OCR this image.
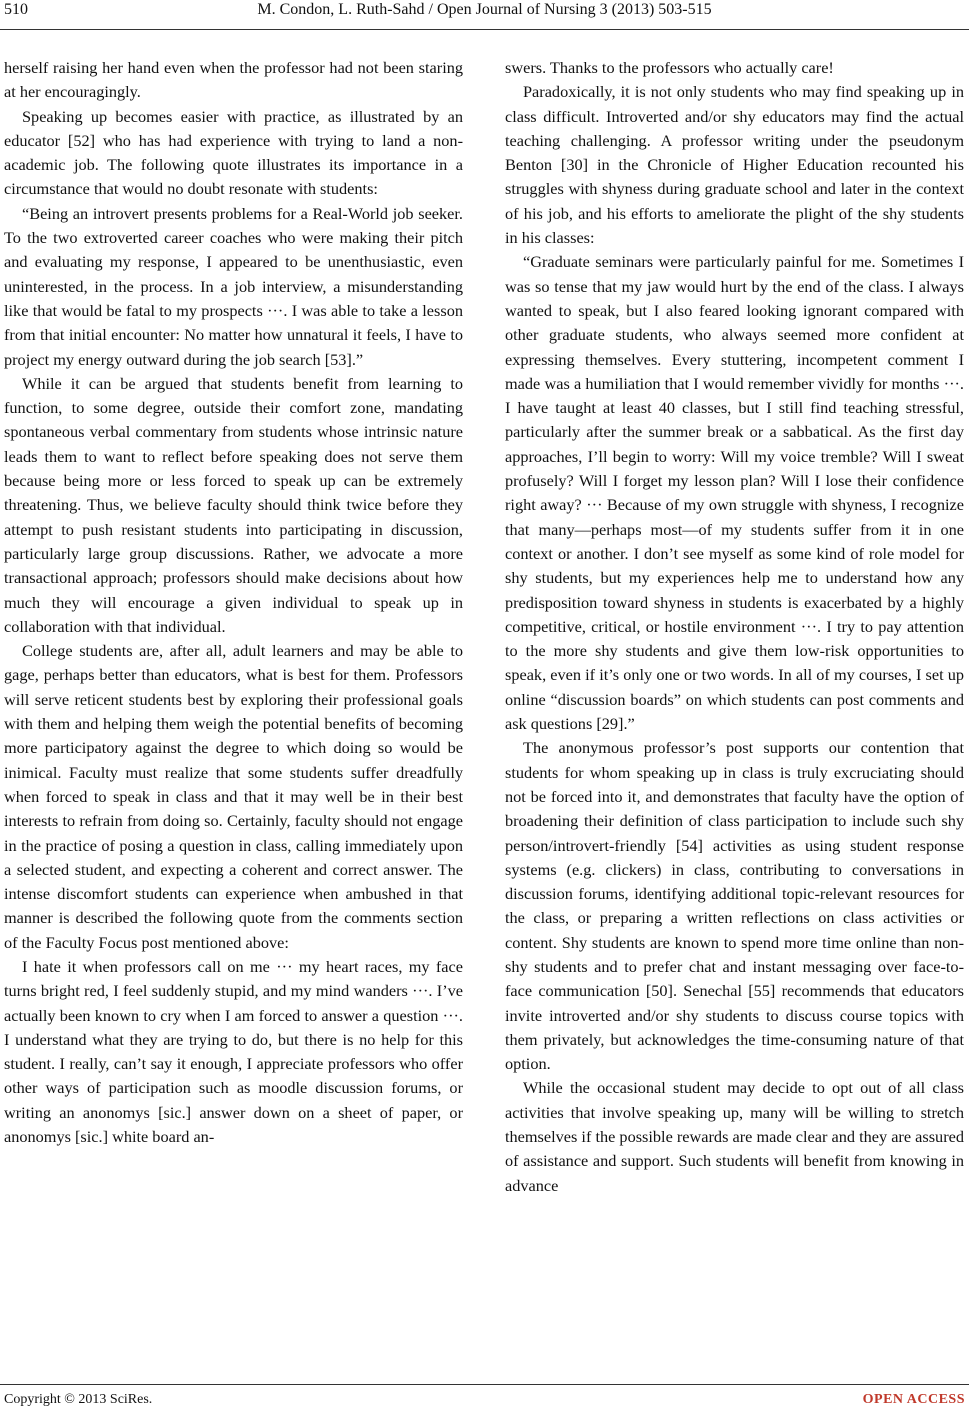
510	M. Condon, L. Ruth-Sahd / Open Journal of Nursing 3 (2013) 503-515

herself raising her hand even when the professor had not been staring at her encouragingly.

Speaking up becomes easier with practice, as illustrated by an educator [52] who has had experience with trying to land a non-academic job. The following quote illustrates its importance in a circumstance that would no doubt resonate with students:

“Being an introvert presents problems for a Real-World job seeker. To the two extroverted career coaches who were making their pitch and evaluating my response, I appeared to be unenthusiastic, even uninterested, in the process. In a job interview, a misunderstanding like that would be fatal to my prospects ···. I was able to take a lesson from that initial encounter: No matter how unnatural it feels, I have to project my energy outward during the job search [53].”

While it can be argued that students benefit from learning to function, to some degree, outside their comfort zone, mandating spontaneous verbal commentary from students whose intrinsic nature leads them to want to reflect before speaking does not serve them because being more or less forced to speak up can be extremely threatening. Thus, we believe faculty should think twice before they attempt to push resistant students into participating in discussion, particularly large group discussions. Rather, we advocate a more transactional approach; professors should make decisions about how much they will encourage a given individual to speak up in collaboration with that individual.

College students are, after all, adult learners and may be able to gage, perhaps better than educators, what is best for them. Professors will serve reticent students best by exploring their professional goals with them and helping them weigh the potential benefits of becoming more participatory against the degree to which doing so would be inimical. Faculty must realize that some students suffer dreadfully when forced to speak in class and that it may well be in their best interests to refrain from doing so. Certainly, faculty should not engage in the practice of posing a question in class, calling immediately upon a selected student, and expecting a coherent and correct answer. The intense discomfort students can experience when ambushed in that manner is described the following quote from the comments section of the Faculty Focus post mentioned above:

I hate it when professors call on me ··· my heart races, my face turns bright red, I feel suddenly stupid, and my mind wanders ···. I’ve actually been known to cry when I am forced to answer a question ···. I understand what they are trying to do, but there is no help for this student. I really, can’t say it enough, I appreciate professors who offer other ways of participation such as moodle discussion forums, or writing an anonomys [sic.] answer down on a sheet of paper, or anonomys [sic.] white board an-

swers. Thanks to the professors who actually care!

Paradoxically, it is not only students who may find speaking up in class difficult. Introverted and/or shy educators may find the actual teaching challenging. A professor writing under the pseudonym Benton [30] in the Chronicle of Higher Education recounted his struggles with shyness during graduate school and later in the context of his job, and his efforts to ameliorate the plight of the shy students in his classes:

“Graduate seminars were particularly painful for me. Sometimes I was so tense that my jaw would hurt by the end of the class. I always wanted to speak, but I also feared looking ignorant compared with other graduate students, who always seemed more confident at expressing themselves. Every stuttering, incompetent comment I made was a humiliation that I would remember vividly for months ···. I have taught at least 40 classes, but I still find teaching stressful, particularly after the summer break or a sabbatical. As the first day approaches, I’ll begin to worry: Will my voice tremble? Will I sweat profusely? Will I forget my lesson plan? Will I lose their confidence right away? ··· Because of my own struggle with shyness, I recognize that many—perhaps most—of my students suffer from it in one context or another. I don’t see myself as some kind of role model for shy students, but my experiences help me to understand how any predisposition toward shyness in students is exacerbated by a highly competitive, critical, or hostile environment ···. I try to pay attention to the more shy students and give them low-risk opportunities to speak, even if it’s only one or two words. In all of my courses, I set up online “discussion boards” on which students can post comments and ask questions [29].”

The anonymous professor’s post supports our contention that students for whom speaking up in class is truly excruciating should not be forced into it, and demonstrates that faculty have the option of broadening their definition of class participation to include such shy person/introvert-friendly [54] activities as using student response systems (e.g. clickers) in class, contributing to conversations in discussion forums, identifying additional topic-relevant resources for the class, or preparing a written reflections on class activities or content. Shy students are known to spend more time online than non-shy students and to prefer chat and instant messaging over face-to-face communication [50]. Senechal [55] recommends that educators invite introverted and/or shy students to discuss course topics with them privately, but acknowledges the time-consuming nature of that option.

While the occasional student may decide to opt out of all class activities that involve speaking up, many will be willing to stretch themselves if the possible rewards are made clear and they are assured of assistance and support. Such students will benefit from knowing in advance

Copyright © 2013 SciRes.	OPEN ACCESS
